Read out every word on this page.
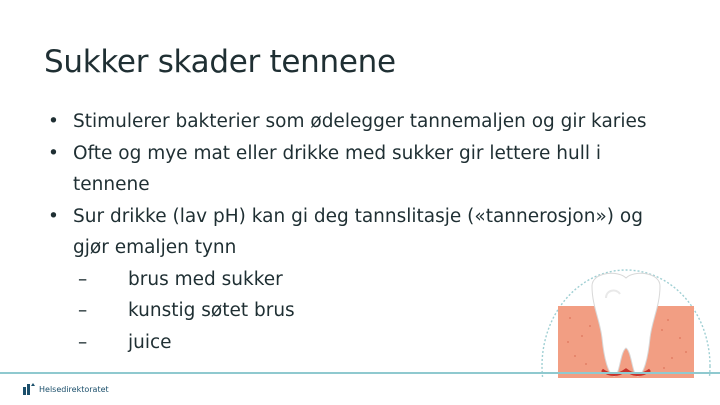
Sukker skader tennene
• Stimulerer bakterier som ødelegger tannemaljen og gir karies
• Ofte og mye mat eller drikke med sukker gir lettere hull i tennene
• Sur drikke (lav pH) kan gi deg tannslitasje («tannerosjon») og gjør emaljen tynn
– brus med sukker
– kunstig søtet brus
– juice
Helsedirektoratet
